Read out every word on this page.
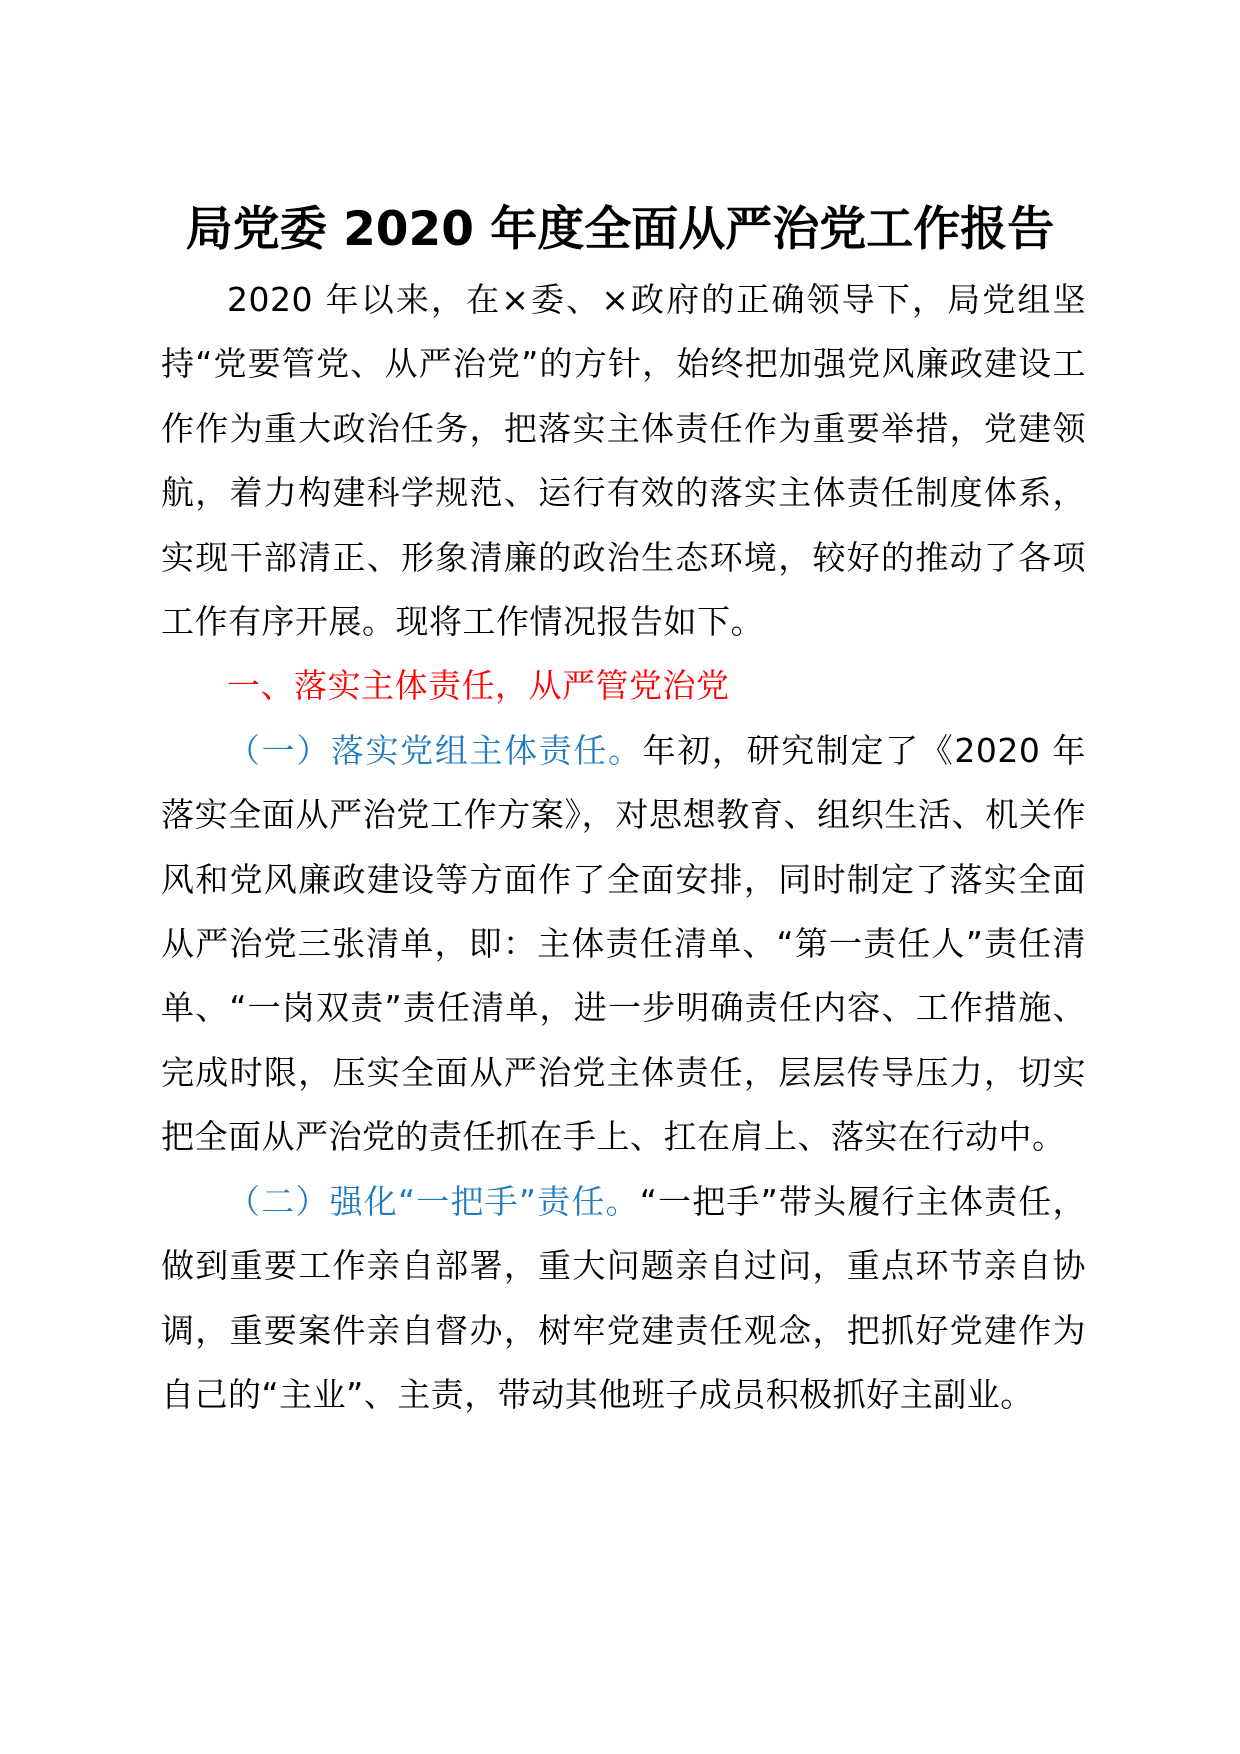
局党委 2020 年度全面从严治党工作报告

2020 年以来，在×委、×政府的正确领导下，局党组坚持“党要管党、从严治党”的方针，始终把加强党风廉政建设工作作为重大政治任务，把落实主体责任作为重要举措，党建领航，着力构建科学规范、运行有效的落实主体责任制度体系，实现干部清正、形象清廉的政治生态环境，较好的推动了各项工作有序开展。现将工作情况报告如下。

一、落实主体责任，从严管党治党

（一）落实党组主体责任。年初，研究制定了《2020 年落实全面从严治党工作方案》，对思想教育、组织生活、机关作风和党风廉政建设等方面作了全面安排，同时制定了落实全面从严治党三张清单，即：主体责任清单、“第一责任人”责任清单、“一岗双责”责任清单，进一步明确责任内容、工作措施、完成时限，压实全面从严治党主体责任，层层传导压力，切实把全面从严治党的责任抓在手上、扛在肩上、落实在行动中。

（二）强化“一把手”责任。“一把手”带头履行主体责任，做到重要工作亲自部署，重大问题亲自过问，重点环节亲自协调，重要案件亲自督办，树牢党建责任观念，把抓好党建作为自己的“主业”、主责，带动其他班子成员积极抓好主副业。
